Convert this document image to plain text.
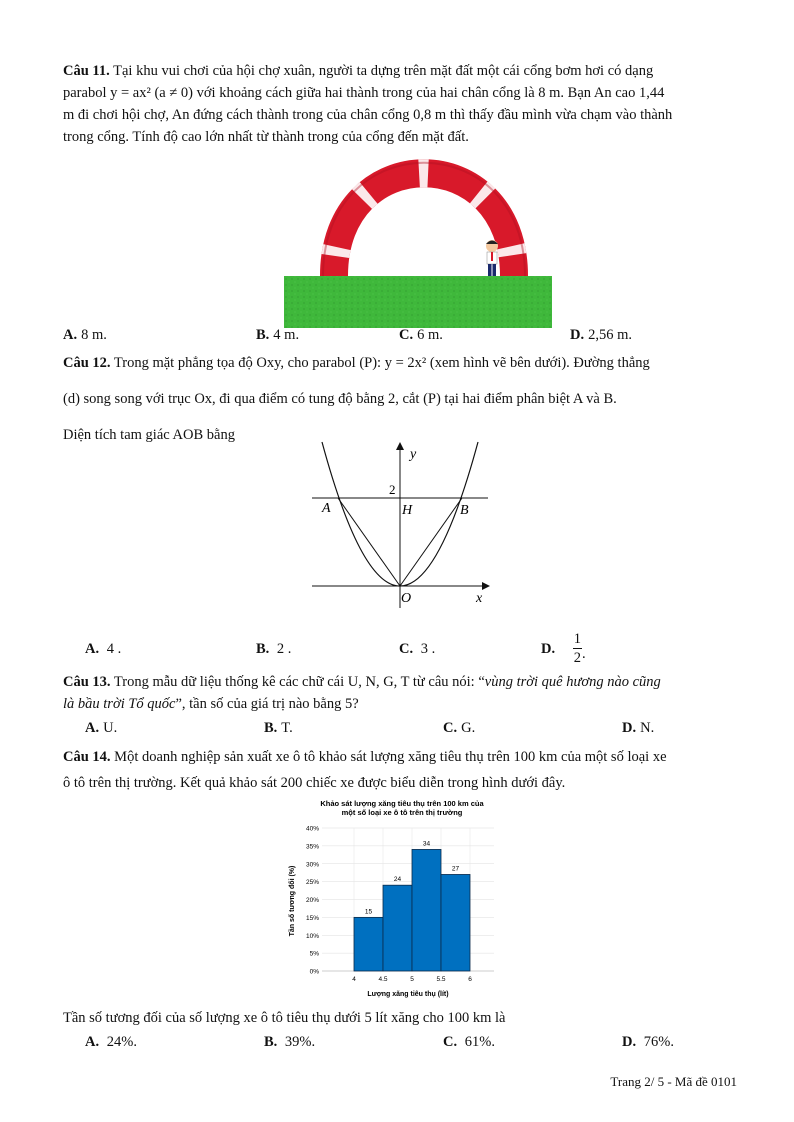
Câu 11. Tại khu vui chơi của hội chợ xuân, người ta dựng trên mặt đất một cái cổng bơm hơi có dạng
parabol y = ax² (a ≠ 0) với khoảng cách giữa hai thành trong của hai chân cổng là 8 m. Bạn An cao 1,44
m đi chơi hội chợ, An đứng cách thành trong của chân cổng 0,8 m thì thấy đầu mình vừa chạm vào thành
trong cổng. Tính độ cao lớn nhất từ thành trong của cổng đến mặt đất.
A. 8 m.	B. 4 m.	C. 6 m.	D. 2,56 m.
Câu 12. Trong mặt phẳng tọa độ Oxy, cho parabol (P): y = 2x² (xem hình vẽ bên dưới). Đường thẳng
(d) song song với trục Ox, đi qua điểm có tung độ bằng 2, cắt (P) tại hai điểm phân biệt A và B.
Diện tích tam giác AOB bằng
y
x
2
A	H	B
O
A. 4 .	B. 2 .	C. 3 .	D. $\frac{1}{2}$ .
Câu 13. Trong mẫu dữ liệu thống kê các chữ cái U, N, G, T từ câu nói: “vùng trời quê hương nào cũng
là bầu trời Tổ quốc”, tần số của giá trị nào bằng 5?
A. U.	B. T.	C. G.	D. N.
Câu 14. Một doanh nghiệp sản xuất xe ô tô khảo sát lượng xăng tiêu thụ trên 100 km của một số loại xe
ô tô trên thị trường. Kết quả khảo sát 200 chiếc xe được biểu diễn trong hình dưới đây.
Khảo sát lượng xăng tiêu thụ trên 100 km của
một số loại xe ô tô trên thị trường
0%
5%
10%
15%
20%
25%
30%
35%
40%
15
24
34
27
4	4.5	5	5.5	6
Lượng xăng tiêu thụ (lít)
Tần số tương đối (%)
Tần số tương đối của số lượng xe ô tô tiêu thụ dưới 5 lít xăng cho 100 km là
A. 24%.	B. 39%.	C. 61%.	D. 76%.
Trang 2/ 5 - Mã đề 0101
